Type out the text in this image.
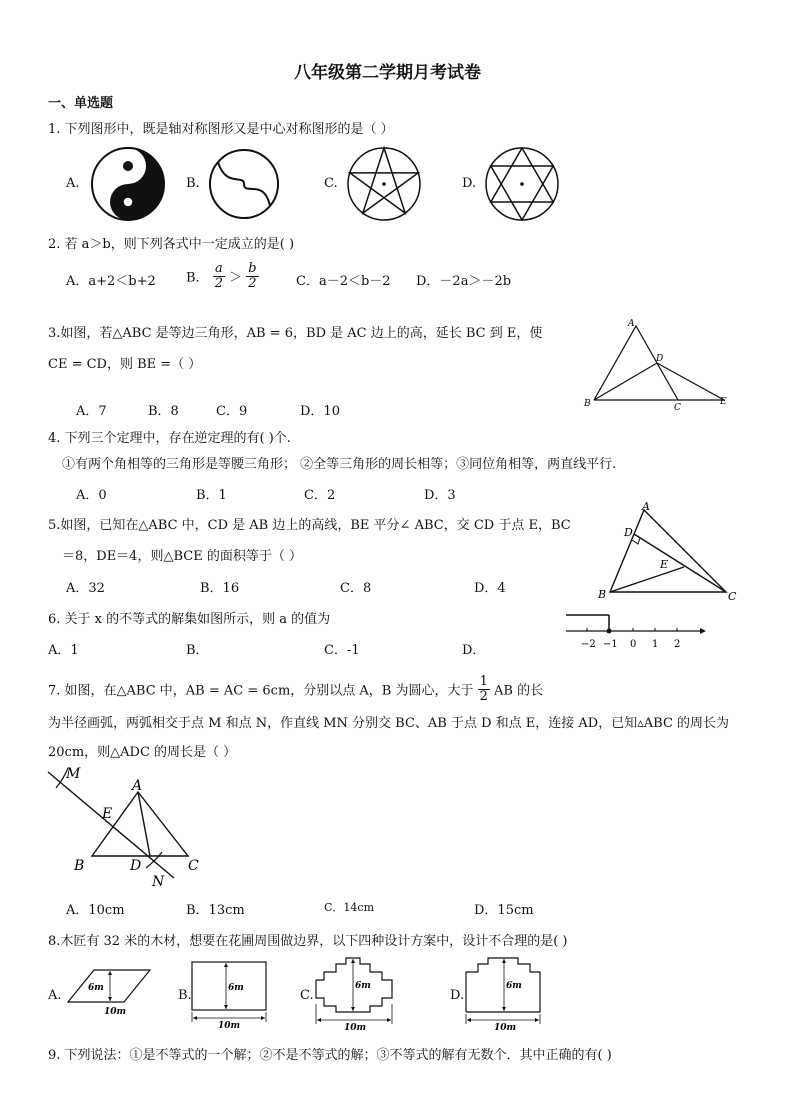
八年级第二学期月考试卷
一、单选题
1. 下列图形中，既是轴对称图形又是中心对称图形的是（ ）
A.	B.	C.	D.
2. 若 a＞b，则下列各式中一定成立的是( )
A．a+2＜b+2 B． $\frac{a}{2} > \frac{b}{2}$	C．a－2＜b－2 D．－2a＞－2b
3.如图，若△ABC 是等边三角形，AB = 6，BD 是 AC 边上的高，延长 BC 到 E，使
CE = CD，则 BE =（ ）
A．7	B．8	C．9	D．10
A
D
B	C
E
4. 下列三个定理中，存在逆定理的有( )个.
①有两个角相等的三角形是等腰三角形； ②全等三角形的周长相等；③同位角相等，两直线平行.
A．0	B．1	C．2	D．3
5.如图，已知在△ABC 中，CD 是 AB 边上的高线，BE 平分∠ ABC，交 CD 于点 E，BC
＝8，DE＝4，则△BCE 的面积等于（ ）
A．32	B．16	C．8	D．4
A
D
E
B	C
6. 关于 x 的不等式的解集如图所示，则 a 的值为
A．1	B．	C．-1	D．	−2 −1 0 1 2
7. 如图，在△ABC 中，AB = AC = 6cm，分别以点 A，B 为圆心，大于 $\frac{1}{2}$ AB 的长
为半径画弧，两弧相交于点 M 和点 N，作直线 MN 分别交 BC、AB 于点 D 和点 E，连接 AD，已知▵ABC 的周长为
20cm，则△ADC 的周长是（ ）
M
A
E
B	D	C
N
A．10cm	B．13cm	C．14cm	D．15cm
8.木匠有 32 米的木材，想要在花圃周围做边界，以下四种设计方案中，设计不合理的是( )
A.	6m
10m
B.	6m
10m
C.
6m
10m
D.
6m
10m
9. 下列说法：①是不等式的一个解；②不是不等式的解；③不等式的解有无数个．其中正确的有( )
